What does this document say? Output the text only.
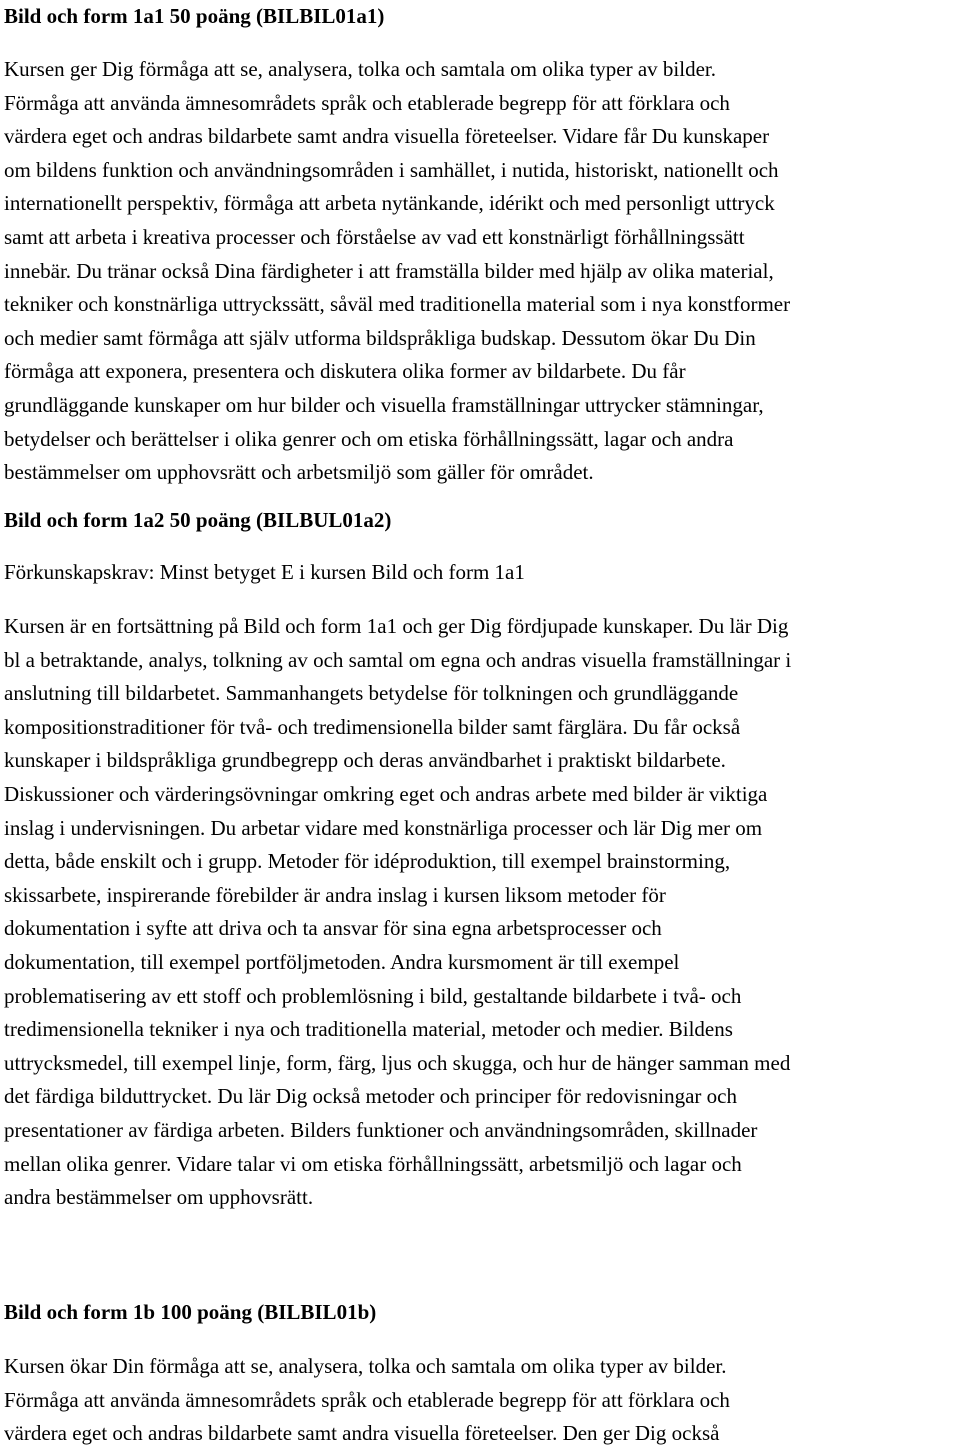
Bild och form 1a1 50 poäng (BILBIL01a1)

Kursen ger Dig förmåga att se, analysera, tolka och samtala om olika typer av bilder.
Förmåga att använda ämnesområdets språk och etablerade begrepp för att förklara och
värdera eget och andras bildarbete samt andra visuella företeelser. Vidare får Du kunskaper
om bildens funktion och användningsområden i samhället, i nutida, historiskt, nationellt och
internationellt perspektiv, förmåga att arbeta nytänkande, idérikt och med personligt uttryck
samt att arbeta i kreativa processer och förståelse av vad ett konstnärligt förhållningssätt
innebär. Du tränar också Dina färdigheter i att framställa bilder med hjälp av olika material,
tekniker och konstnärliga uttryckssätt, såväl med traditionella material som i nya konstformer
och medier samt förmåga att själv utforma bildspråkliga budskap. Dessutom ökar Du Din
förmåga att exponera, presentera och diskutera olika former av bildarbete. Du får
grundläggande kunskaper om hur bilder och visuella framställningar uttrycker stämningar,
betydelser och berättelser i olika genrer och om etiska förhållningssätt, lagar och andra
bestämmelser om upphovsrätt och arbetsmiljö som gäller för området.

Bild och form 1a2 50 poäng (BILBUL01a2)

Förkunskapskrav: Minst betyget E i kursen Bild och form 1a1

Kursen är en fortsättning på Bild och form 1a1 och ger Dig fördjupade kunskaper. Du lär Dig
bl a betraktande, analys, tolkning av och samtal om egna och andras visuella framställningar i
anslutning till bildarbetet. Sammanhangets betydelse för tolkningen och grundläggande
kompositionstraditioner för två- och tredimensionella bilder samt färglära. Du får också
kunskaper i bildspråkliga grundbegrepp och deras användbarhet i praktiskt bildarbete.
Diskussioner och värderingsövningar omkring eget och andras arbete med bilder är viktiga
inslag i undervisningen. Du arbetar vidare med konstnärliga processer och lär Dig mer om
detta, både enskilt och i grupp. Metoder för idéproduktion, till exempel brainstorming,
skissarbete, inspirerande förebilder är andra inslag i kursen liksom metoder för
dokumentation i syfte att driva och ta ansvar för sina egna arbetsprocesser och
dokumentation, till exempel portföljmetoden. Andra kursmoment är till exempel
problematisering av ett stoff och problemlösning i bild, gestaltande bildarbete i två- och
tredimensionella tekniker i nya och traditionella material, metoder och medier. Bildens
uttrycksmedel, till exempel linje, form, färg, ljus och skugga, och hur de hänger samman med
det färdiga bilduttrycket. Du lär Dig också metoder och principer för redovisningar och
presentationer av färdiga arbeten. Bilders funktioner och användningsområden, skillnader
mellan olika genrer. Vidare talar vi om etiska förhållningssätt, arbetsmiljö och lagar och
andra bestämmelser om upphovsrätt.

Bild och form 1b 100 poäng (BILBIL01b)

Kursen ökar Din förmåga att se, analysera, tolka och samtala om olika typer av bilder.
Förmåga att använda ämnesområdets språk och etablerade begrepp för att förklara och
värdera eget och andras bildarbete samt andra visuella företeelser. Den ger Dig också
